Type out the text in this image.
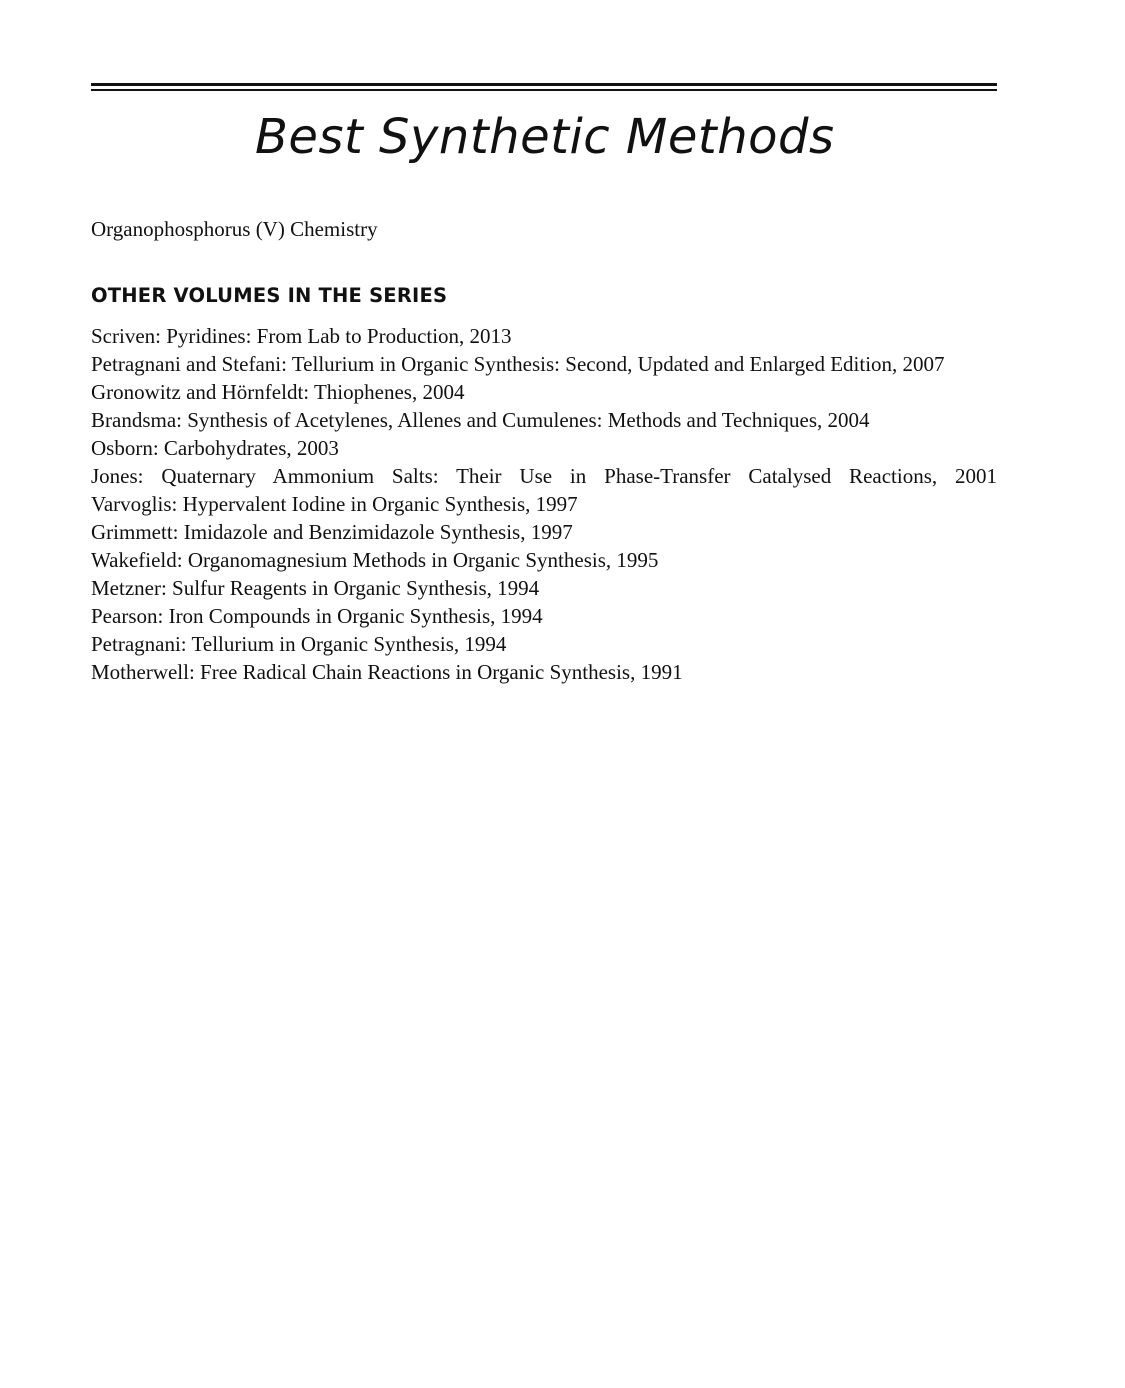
Best Synthetic Methods
Organophosphorus (V) Chemistry
OTHER VOLUMES IN THE SERIES
Scriven: Pyridines: From Lab to Production, 2013
Petragnani and Stefani: Tellurium in Organic Synthesis: Second, Updated and Enlarged Edition, 2007
Gronowitz and Hörnfeldt: Thiophenes, 2004
Brandsma: Synthesis of Acetylenes, Allenes and Cumulenes: Methods and Techniques, 2004
Osborn: Carbohydrates, 2003
Jones: Quaternary Ammonium Salts: Their Use in Phase-Transfer Catalysed Reactions, 2001
Varvoglis: Hypervalent Iodine in Organic Synthesis, 1997
Grimmett: Imidazole and Benzimidazole Synthesis, 1997
Wakefield: Organomagnesium Methods in Organic Synthesis, 1995
Metzner: Sulfur Reagents in Organic Synthesis, 1994
Pearson: Iron Compounds in Organic Synthesis, 1994
Petragnani: Tellurium in Organic Synthesis, 1994
Motherwell: Free Radical Chain Reactions in Organic Synthesis, 1991
